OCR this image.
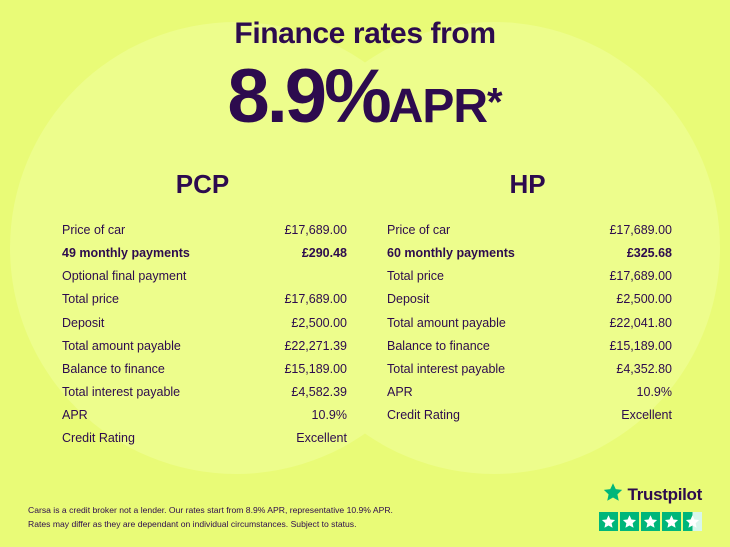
Finance rates from
8.9%APR*
PCP
Price of car	£17,689.00
49 monthly payments	£290.48
Optional final payment
Total price	£17,689.00
Deposit	£2,500.00
Total amount payable	£22,271.39
Balance to finance	£15,189.00
Total interest payable	£4,582.39
APR	10.9%
Credit Rating	Excellent
HP
Price of car	£17,689.00
60 monthly payments	£325.68
Total price	£17,689.00
Deposit	£2,500.00
Total amount payable	£22,041.80
Balance to finance	£15,189.00
Total interest payable	£4,352.80
APR	10.9%
Credit Rating	Excellent
Carsa is a credit broker not a lender. Our rates start from 8.9% APR, representative 10.9% APR.
Rates may differ as they are dependant on individual circumstances. Subject to status.
Trustpilot
